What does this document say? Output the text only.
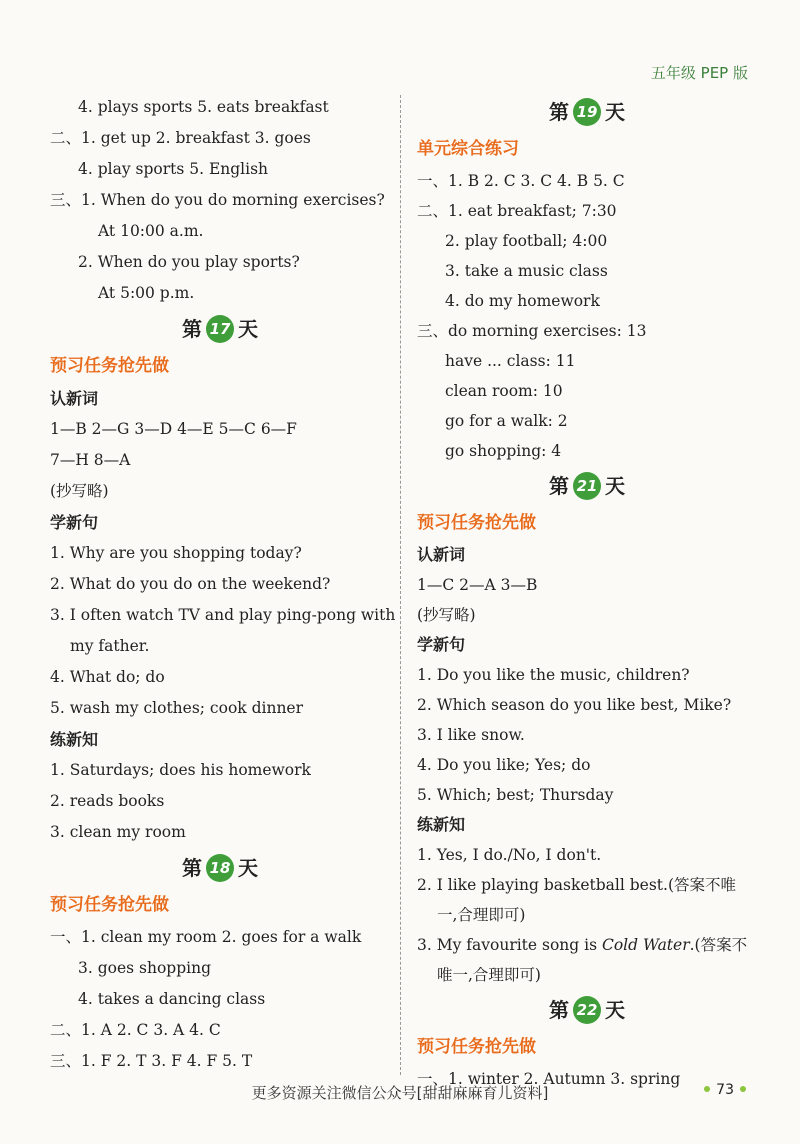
五年级 PEP 版
4. plays sports 5. eats breakfast
二、1. get up 2. breakfast 3. goes
4. play sports 5. English
三、1. When do you do morning exercises?
At 10:00 a.m.
2. When do you play sports?
At 5:00 p.m.
第 17 天
预习任务抢先做
认新词
1—B 2—G 3—D 4—E 5—C 6—F
7—H 8—A
(抄写略)
学新句
1. Why are you shopping today?
2. What do you do on the weekend?
3. I often watch TV and play ping-pong with
my father.
4. What do; do
5. wash my clothes; cook dinner
练新知
1. Saturdays; does his homework
2. reads books
3. clean my room
第 18 天
预习任务抢先做
一、1. clean my room 2. goes for a walk
3. goes shopping
4. takes a dancing class
二、1. A 2. C 3. A 4. C
三、1. F 2. T 3. F 4. F 5. T
第 19 天
单元综合练习
一、1. B 2. C 3. C 4. B 5. C
二、1. eat breakfast; 7:30
2. play football; 4:00
3. take a music class
4. do my homework
三、do morning exercises: 13
have ... class: 11
clean room: 10
go for a walk: 2
go shopping: 4
第 21 天
预习任务抢先做
认新词
1—C 2—A 3—B
(抄写略)
学新句
1. Do you like the music, children?
2. Which season do you like best, Mike?
3. I like snow.
4. Do you like; Yes; do
5. Which; best; Thursday
练新知
1. Yes, I do./No, I don't.
2. I like playing basketball best.(答案不唯
一,合理即可)
3. My favourite song is Cold Water.(答案不
唯一,合理即可)
第 22 天
预习任务抢先做
一、1. winter 2. Autumn 3. spring
更多资源关注微信公众号[甜甜麻麻育儿资料]	73
